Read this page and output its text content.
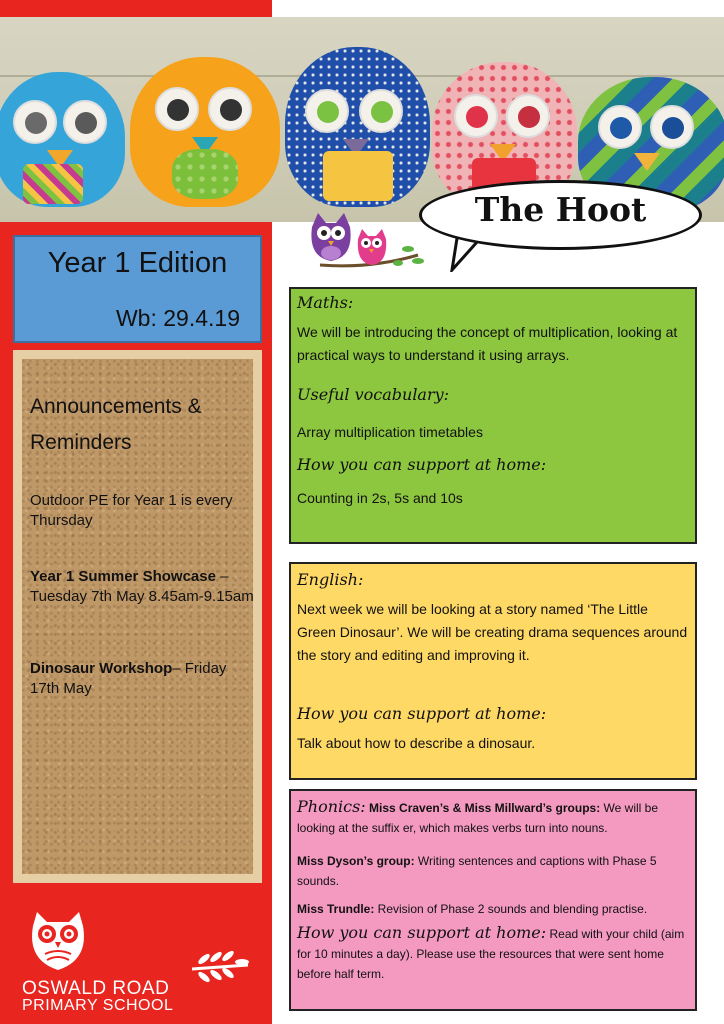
The Hoot
Year 1 Edition
Wb: 29.4.19
Announcements & Reminders
Outdoor PE for Year 1 is every Thursday
Year 1 Summer Showcase – Tuesday 7th May 8.45am-9.15am
Dinosaur Workshop– Friday 17th May
OSWALD ROAD
PRIMARY SCHOOL
Maths:
We will be introducing the concept of multiplication, looking at practical ways to understand it using arrays.
Useful vocabulary:
Array multiplication timetables
How you can support at home:
Counting in 2s, 5s and 10s
English:
Next week we will be looking at a story named ‘The Little Green Dinosaur’. We will be creating drama sequences around the story and editing and improving it.
How you can support at home:
Talk about how to describe a dinosaur.
Phonics: Miss Craven’s & Miss Millward’s groups: We will be looking at the suffix er, which makes verbs turn into nouns.
Miss Dyson’s group: Writing sentences and captions with Phase 5 sounds.
Miss Trundle: Revision of Phase 2 sounds and blending practise.
How you can support at home: Read with your child (aim for 10 minutes a day). Please use the resources that were sent home before half term.
